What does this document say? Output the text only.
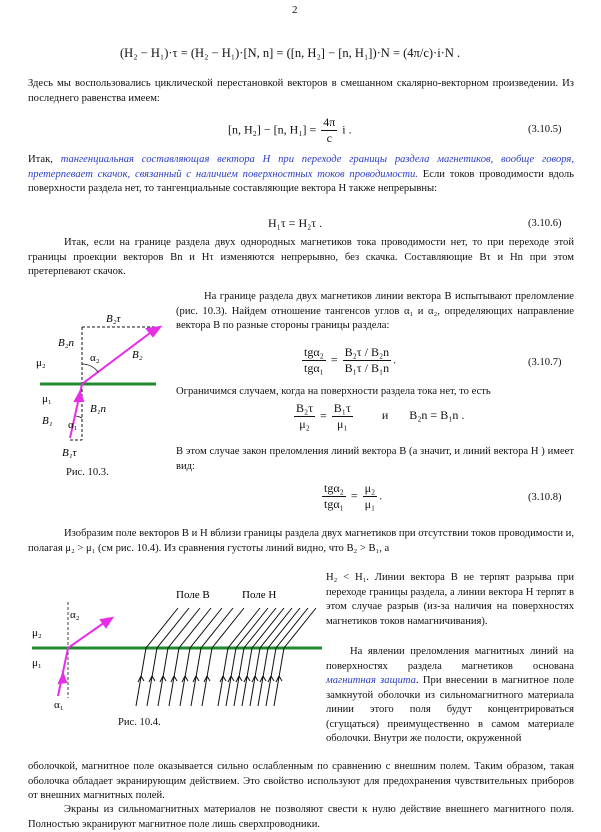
2
(H₂ − H₁)·τ = (H₂ − H₁)·[N, n] = ([n, H₂] − [n, H₁])·N = (4π/c)·i·N .
Здесь мы воспользовались циклической перестановкой векторов в смешанном скалярно-векторном произведении. Из последнего равенства имеем:
[n, H₂] − [n, $H_1] = \frac{4\pi}{c}$ i .	(3.10.5)
Итак, тангенциальная составляющая вектора H при переходе границы раздела магнетиков, вообще говоря, претерпевает скачок, связанный с наличием поверхностных токов проводимости. Если токов проводимости вдоль поверхности раздела нет, то тангенциальные составляющие вектора H также непрерывны:
H₁τ = H₂τ .	(3.10.6)
Итак, если на границе раздела двух однородных магнетиков тока проводимости нет, то при переходе этой границы проекции векторов Bn и Hτ изменяются непрерывно, без скачка. Составляющие Bτ и Hn при этом претерпевают скачок.
B₂τ
B₂n
μ₂	α₂	B₂
μ₁
B₁n
B₁ α₁
B₁τ
Рис. 10.3.
На границе раздела двух магнетиков линии вектора B испытывают преломление (рис. 10.3). Найдем отношение тангенсов углов α₁ и α₂, определяющих направление вектора B по разные стороны границы раздела:
$\frac{\text{tgα₂}}{\text{tgα₁}} = \frac{\text{B₂τ / B₂n}}{\text{B₁τ / B₁n}}$ .	(3.10.7)
Ограничимся случаем, когда на поверхности раздела тока нет, то есть
$\frac{\text{B₂τ}}{\text{μ₂}} = \frac{\text{B₁τ}}{\text{μ₁}}$ и B₂n = B₁n .
В этом случае закон преломления линий вектора B (а значит, и линий вектора H ) имеет вид:
$\frac{\text{tgα₂}}{\text{tgα₁}} = \frac{\text{μ₂}}{\text{μ₁}}$ .	(3.10.8)
Изобразим поле векторов B и H вблизи границы раздела двух магнетиков при отсутствии токов проводимости и, полагая μ₂ > μ₁ (см рис. 10.4). Из сравнения густоты линий видно, что B₂ > B₁, а
α₂
μ₂
μ₁
α₁
Поле B	Поле H
Рис. 10.4.
H₂ < H₁. Линии вектора B не терпят разрыва при переходе границы раздела, а линии вектора H терпят в этом случае разрыв (из-за наличия на поверхностях магнетиков токов намагничивания).
На явлении преломления магнитных линий на поверхностях раздела магнетиков основана магнитная защита. При внесении в магнитное поле замкнутой оболочки из сильномагнитного материала линии этого поля будут концентрироваться (сгущаться) преимущественно в самом материале оболочки. Внутри же полости, окруженной
оболочкой, магнитное поле оказывается сильно ослабленным по сравнению с внешним полем. Таким образом, такая оболочка обладает экранирующим действием. Это свойство используют для предохранения чувствительных приборов от внешних магнитных полей.
Экраны из сильномагнитных материалов не позволяют свести к нулю действие внешнего магнитного поля. Полностью экранируют магнитное поле лишь сверхпроводники.
